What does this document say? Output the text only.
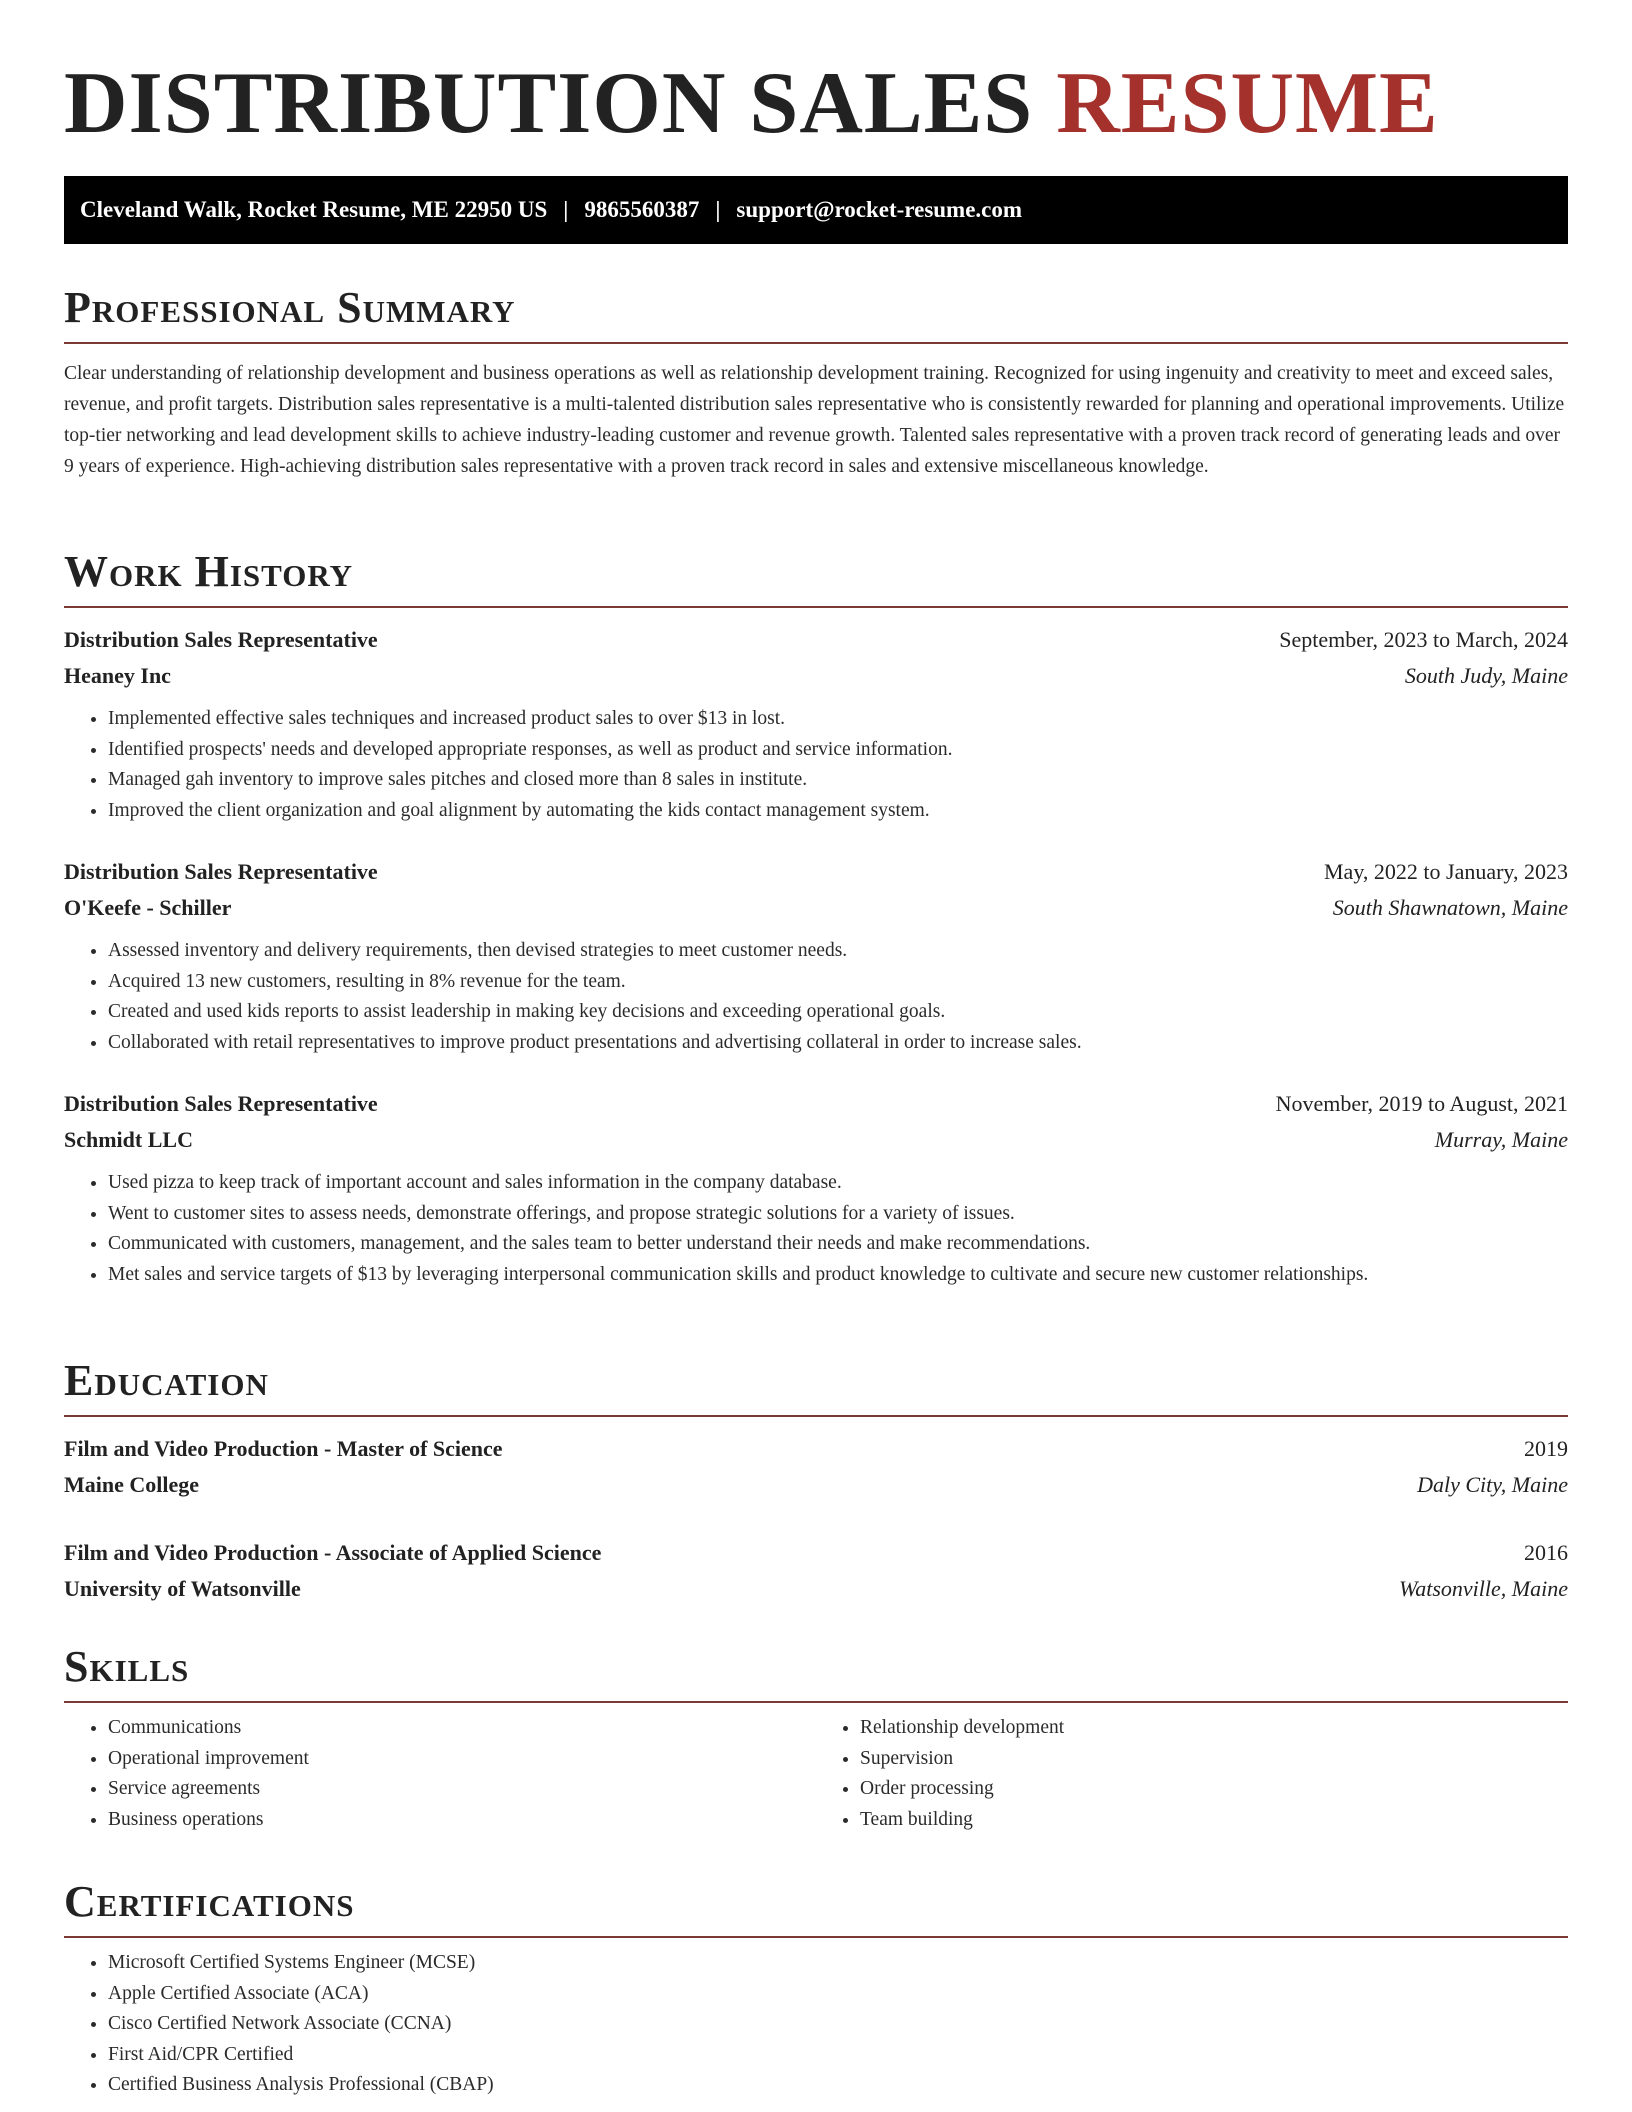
DISTRIBUTION SALES RESUME
Cleveland Walk, Rocket Resume, ME 22950 US | 9865560387 | support@rocket-resume.com
Professional Summary

Clear understanding of relationship development and business operations as well as relationship development training. Recognized for using ingenuity and creativity to meet and exceed sales, revenue, and profit targets. Distribution sales representative is a multi-talented distribution sales representative who is consistently rewarded for planning and operational improvements. Utilize top-tier networking and lead development skills to achieve industry-leading customer and revenue growth. Talented sales representative with a proven track record of generating leads and over 9 years of experience. High-achieving distribution sales representative with a proven track record in sales and extensive miscellaneous knowledge.

Work History
Distribution Sales Representative	September, 2023 to March, 2024
Heaney Inc	South Judy, Maine
• Implemented effective sales techniques and increased product sales to over $13 in lost.
• Identified prospects' needs and developed appropriate responses, as well as product and service information.
• Managed gah inventory to improve sales pitches and closed more than 8 sales in institute.
• Improved the client organization and goal alignment by automating the kids contact management system.
Distribution Sales Representative	May, 2022 to January, 2023
O'Keefe - Schiller	South Shawnatown, Maine
• Assessed inventory and delivery requirements, then devised strategies to meet customer needs.
• Acquired 13 new customers, resulting in 8% revenue for the team.
• Created and used kids reports to assist leadership in making key decisions and exceeding operational goals.
• Collaborated with retail representatives to improve product presentations and advertising collateral in order to increase sales.
Distribution Sales Representative	November, 2019 to August, 2021
Schmidt LLC	Murray, Maine
• Used pizza to keep track of important account and sales information in the company database.
• Went to customer sites to assess needs, demonstrate offerings, and propose strategic solutions for a variety of issues.
• Communicated with customers, management, and the sales team to better understand their needs and make recommendations.
• Met sales and service targets of $13 by leveraging interpersonal communication skills and product knowledge to cultivate and secure new customer relationships.
Education
Film and Video Production - Master of Science	2019
Maine College	Daly City, Maine
Film and Video Production - Associate of Applied Science	2016
University of Watsonville	Watsonville, Maine
Skills
• Communications
• Operational improvement
• Service agreements
• Business operations
• Relationship development
• Supervision
• Order processing
• Team building
Certifications
• Microsoft Certified Systems Engineer (MCSE)
• Apple Certified Associate (ACA)
• Cisco Certified Network Associate (CCNA)
• First Aid/CPR Certified
• Certified Business Analysis Professional (CBAP)
